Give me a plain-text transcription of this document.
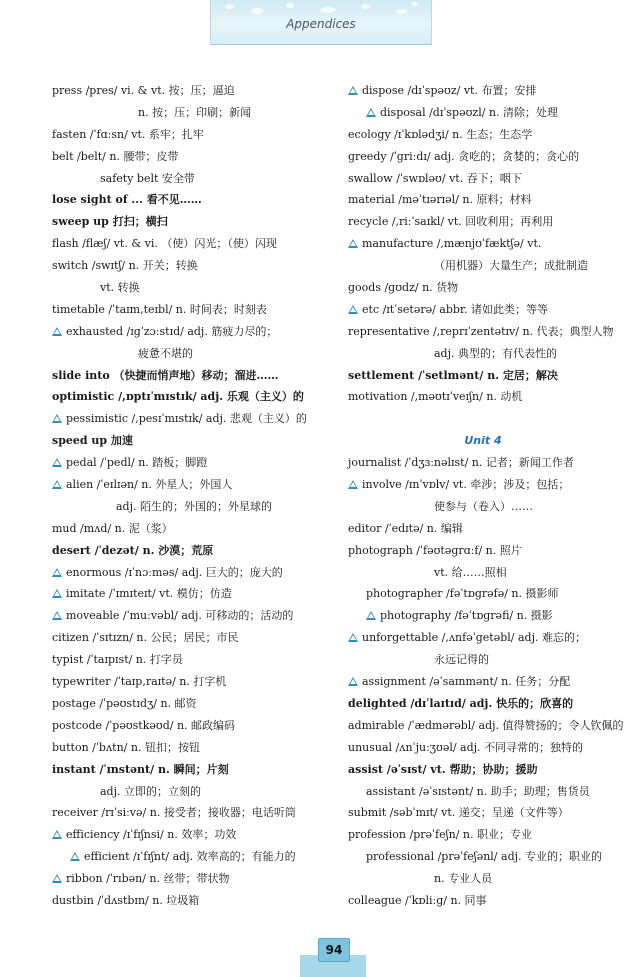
Appendices
press /pres/ vi. & vt. 按；压；逼迫
n. 按；压；印刷；新闻
fasten /ˈfɑːsn/ vt. 系牢；扎牢
belt /belt/ n. 腰带；皮带
safety belt 安全带
lose sight of ... 看不见……
sweep up 打扫；横扫
flash /flæʃ/ vt. & vi. （使）闪光；（使）闪现
switch /swɪtʃ/ n. 开关；转换
vt. 转换
timetable /ˈtaɪm,teɪbl/ n. 时间表；时刻表
exhausted /ɪgˈzɔːstɪd/ adj. 筋疲力尽的；
疲惫不堪的
slide into （快捷而悄声地）移动；溜进……
optimistic /,ɒptɪˈmɪstɪk/ adj. 乐观（主义）的
pessimistic /,pesɪˈmɪstɪk/ adj. 悲观（主义）的
speed up 加速
pedal /ˈpedl/ n. 踏板；脚蹬
alien /ˈeɪlɪən/ n. 外星人；外国人
adj. 陌生的；外国的；外星球的
mud /mʌd/ n. 泥（浆）
desert /ˈdezət/ n. 沙漠；荒原
enormous /ɪˈnɔːməs/ adj. 巨大的；庞大的
imitate /ˈɪmɪteɪt/ vt. 模仿；仿造
moveable /ˈmuːvəbl/ adj. 可移动的；活动的
citizen /ˈsɪtɪzn/ n. 公民；居民；市民
typist /ˈtaɪpɪst/ n. 打字员
typewriter /ˈtaɪp,raɪtə/ n. 打字机
postage /ˈpəʊstɪdʒ/ n. 邮资
postcode /ˈpəʊstkəʊd/ n. 邮政编码
button /ˈbʌtn/ n. 钮扣；按钮
instant /ˈɪnstənt/ n. 瞬间；片刻
adj. 立即的；立刻的
receiver /rɪˈsiːvə/ n. 接受者；接收器；电话听筒
efficiency /ɪˈfɪʃnsi/ n. 效率；功效
efficient /ɪˈfɪʃnt/ adj. 效率高的；有能力的
ribbon /ˈrɪbən/ n. 丝带；带状物
dustbin /ˈdʌstbɪn/ n. 垃圾箱
dispose /dɪˈspəʊz/ vt. 布置；安排
disposal /dɪˈspəʊzl/ n. 清除；处理
ecology /ɪˈkɒlədʒi/ n. 生态；生态学
greedy /ˈgriːdɪ/ adj. 贪吃的；贪婪的；贪心的
swallow /ˈswɒləʊ/ vt. 吞下；咽下
material /məˈtɪərɪəl/ n. 原料；材料
recycle /,riːˈsaɪkl/ vt. 回收利用；再利用
manufacture /,mænjʊˈfæktʃə/ vt.
（用机器）大量生产；成批制造
goods /gʊdz/ n. 货物
etc /ɪtˈsetərə/ abbr. 诸如此类；等等
representative /,reprɪˈzentətɪv/ n. 代表；典型人物
adj. 典型的；有代表性的
settlement /ˈsetlmənt/ n. 定居；解决
motivation /,məʊtɪˈveɪʃn/ n. 动机
Unit 4
journalist /ˈdʒɜːnəlɪst/ n. 记者；新闻工作者
involve /ɪnˈvɒlv/ vt. 牵涉；涉及；包括；
使参与（卷入）……
editor /ˈedɪtə/ n. 编辑
photograph /ˈfəʊtəgrɑːf/ n. 照片
vt. 给……照相
photographer /fəˈtɒgrəfə/ n. 摄影师
photography /fəˈtɒgrəfi/ n. 摄影
unforgettable /,ʌnfəˈgetəbl/ adj. 难忘的；
永远记得的
assignment /əˈsaɪnmənt/ n. 任务；分配
delighted /dɪˈlaɪtɪd/ adj. 快乐的；欣喜的
admirable /ˈædmərəbl/ adj. 值得赞扬的；令人钦佩的
unusual /ʌnˈjuːʒʊəl/ adj. 不同寻常的；独特的
assist /əˈsɪst/ vt. 帮助；协助；援助
assistant /əˈsɪstənt/ n. 助手；助理；售货员
submit /səbˈmɪt/ vt. 递交；呈递（文件等）
profession /prəˈfeʃn/ n. 职业；专业
professional /prəˈfeʃənl/ adj. 专业的；职业的
n. 专业人员
colleague /ˈkɒliːg/ n. 同事
94
